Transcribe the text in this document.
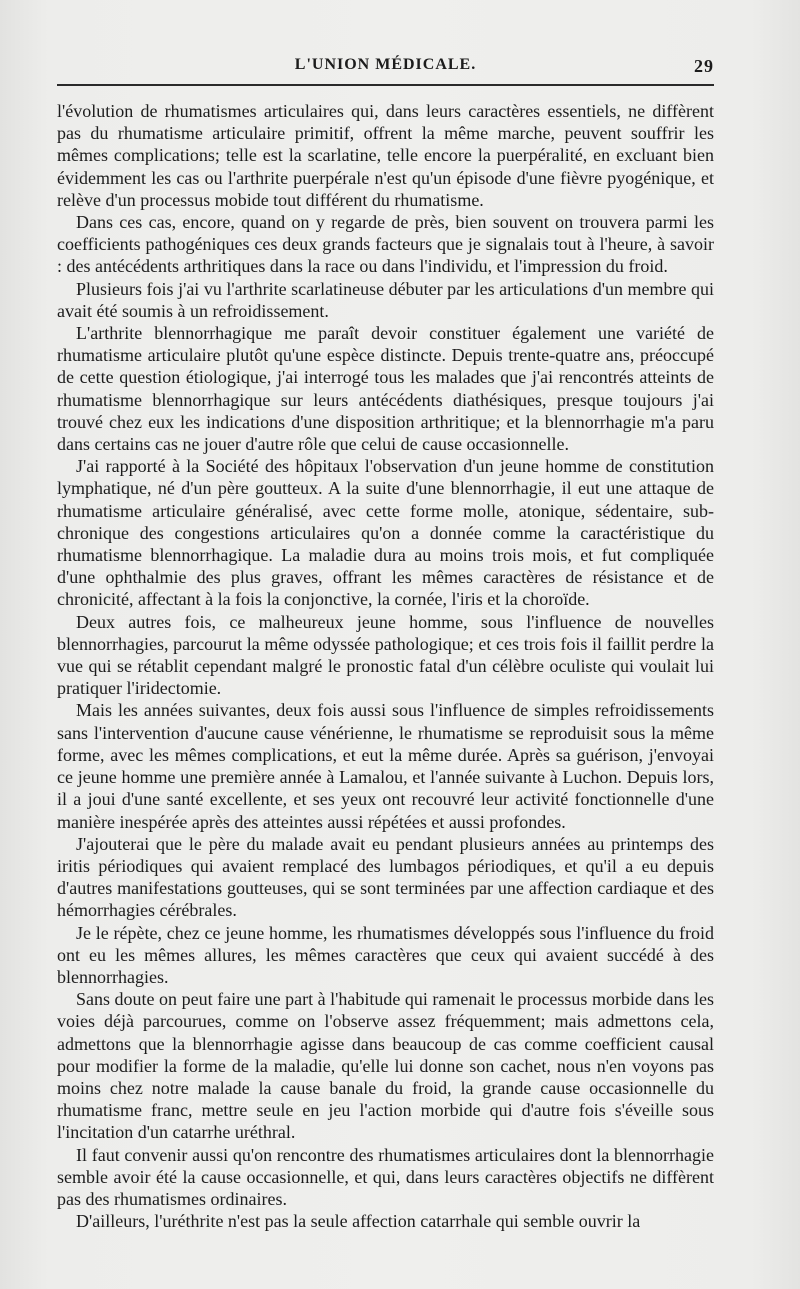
L'UNION MÉDICALE.	29

l'évolution de rhumatismes articulaires qui, dans leurs caractères essentiels, ne diffèrent pas du rhumatisme articulaire primitif, offrent la même marche, peuvent souffrir les mêmes complications; telle est la scarlatine, telle encore la puerpéralité, en excluant bien évidemment les cas ou l'arthrite puerpérale n'est qu'un épisode d'une fièvre pyogénique, et relève d'un processus mobide tout différent du rhumatisme.

Dans ces cas, encore, quand on y regarde de près, bien souvent on trouvera parmi les coefficients pathogéniques ces deux grands facteurs que je signalais tout à l'heure, à savoir : des antécédents arthritiques dans la race ou dans l'individu, et l'impression du froid.

Plusieurs fois j'ai vu l'arthrite scarlatineuse débuter par les articulations d'un membre qui avait été soumis à un refroidissement.

L'arthrite blennorrhagique me paraît devoir constituer également une variété de rhumatisme articulaire plutôt qu'une espèce distincte. Depuis trente-quatre ans, préoccupé de cette question étiologique, j'ai interrogé tous les malades que j'ai rencontrés atteints de rhumatisme blennorrhagique sur leurs antécédents diathésiques, presque toujours j'ai trouvé chez eux les indications d'une disposition arthritique; et la blennorrhagie m'a paru dans certains cas ne jouer d'autre rôle que celui de cause occasionnelle.

J'ai rapporté à la Société des hôpitaux l'observation d'un jeune homme de constitution lymphatique, né d'un père goutteux. A la suite d'une blennorrhagie, il eut une attaque de rhumatisme articulaire généralisé, avec cette forme molle, atonique, sédentaire, sub-chronique des congestions articulaires qu'on a donnée comme la caractéristique du rhumatisme blennorrhagique. La maladie dura au moins trois mois, et fut compliquée d'une ophthalmie des plus graves, offrant les mêmes caractères de résistance et de chronicité, affectant à la fois la conjonctive, la cornée, l'iris et la choroïde.

Deux autres fois, ce malheureux jeune homme, sous l'influence de nouvelles blennorrhagies, parcourut la même odyssée pathologique; et ces trois fois il faillit perdre la vue qui se rétablit cependant malgré le pronostic fatal d'un célèbre oculiste qui voulait lui pratiquer l'iridectomie.

Mais les années suivantes, deux fois aussi sous l'influence de simples refroidissements sans l'intervention d'aucune cause vénérienne, le rhumatisme se reproduisit sous la même forme, avec les mêmes complications, et eut la même durée. Après sa guérison, j'envoyai ce jeune homme une première année à Lamalou, et l'année suivante à Luchon. Depuis lors, il a joui d'une santé excellente, et ses yeux ont recouvré leur activité fonctionnelle d'une manière inespérée après des atteintes aussi répétées et aussi profondes.

J'ajouterai que le père du malade avait eu pendant plusieurs années au printemps des iritis périodiques qui avaient remplacé des lumbagos périodiques, et qu'il a eu depuis d'autres manifestations goutteuses, qui se sont terminées par une affection cardiaque et des hémorrhagies cérébrales.

Je le répète, chez ce jeune homme, les rhumatismes développés sous l'influence du froid ont eu les mêmes allures, les mêmes caractères que ceux qui avaient succédé à des blennorrhagies.

Sans doute on peut faire une part à l'habitude qui ramenait le processus morbide dans les voies déjà parcourues, comme on l'observe assez fréquemment; mais admettons cela, admettons que la blennorrhagie agisse dans beaucoup de cas comme coefficient causal pour modifier la forme de la maladie, qu'elle lui donne son cachet, nous n'en voyons pas moins chez notre malade la cause banale du froid, la grande cause occasionnelle du rhumatisme franc, mettre seule en jeu l'action morbide qui d'autre fois s'éveille sous l'incitation d'un catarrhe uréthral.

Il faut convenir aussi qu'on rencontre des rhumatismes articulaires dont la blennorrhagie semble avoir été la cause occasionnelle, et qui, dans leurs caractères objectifs ne diffèrent pas des rhumatismes ordinaires.

D'ailleurs, l'uréthrite n'est pas la seule affection catarrhale qui semble ouvrir la
